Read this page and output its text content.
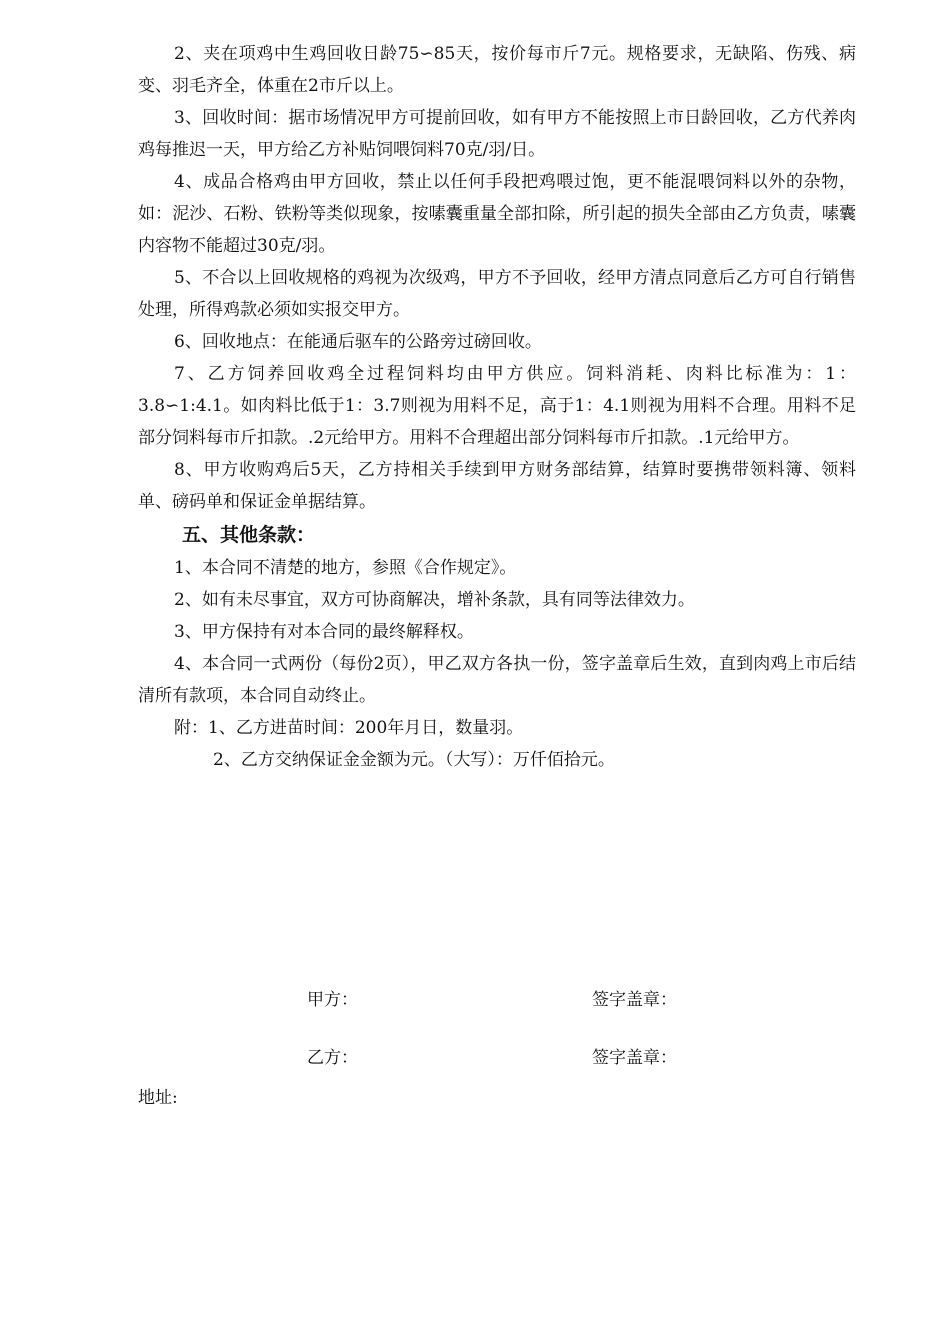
2、夹在项鸡中生鸡回收日龄75∽85天，按价每市斤7元。规格要求，无缺陷、伤残、病变、羽毛齐全，体重在2市斤以上。

3、回收时间：据市场情况甲方可提前回收，如有甲方不能按照上市日龄回收，乙方代养肉鸡每推迟一天，甲方给乙方补贴饲喂饲料70克/羽/日。

4、成品合格鸡由甲方回收，禁止以任何手段把鸡喂过饱，更不能混喂饲料以外的杂物，如：泥沙、石粉、铁粉等类似现象，按嗉囊重量全部扣除，所引起的损失全部由乙方负责，嗉囊内容物不能超过30克/羽。

5、不合以上回收规格的鸡视为次级鸡，甲方不予回收，经甲方清点同意后乙方可自行销售处理，所得鸡款必须如实报交甲方。

6、回收地点：在能通后驱车的公路旁过磅回收。

7、乙方饲养回收鸡全过程饲料均由甲方供应。饲料消耗、肉料比标准为：1：3.8∽1:4.1。如肉料比低于1：3.7则视为用料不足，高于1：4.1则视为用料不合理。用料不足部分饲料每市斤扣款。.2元给甲方。用料不合理超出部分饲料每市斤扣款。.1元给甲方。

8、甲方收购鸡后5天，乙方持相关手续到甲方财务部结算，结算时要携带领料簿、领料单、磅码单和保证金单据结算。

五、其他条款：

1、本合同不清楚的地方，参照《合作规定》。

2、如有未尽事宜，双方可协商解决，增补条款，具有同等法律效力。

3、甲方保持有对本合同的最终解释权。

4、本合同一式两份（每份2页），甲乙双方各执一份，签字盖章后生效，直到肉鸡上市后结清所有款项，本合同自动终止。

附：1、乙方进苗时间：200年月日，数量羽。

2、乙方交纳保证金金额为元。（大写）：万仟佰拾元。

甲方：	签字盖章：
乙方：	签字盖章：
地址:
